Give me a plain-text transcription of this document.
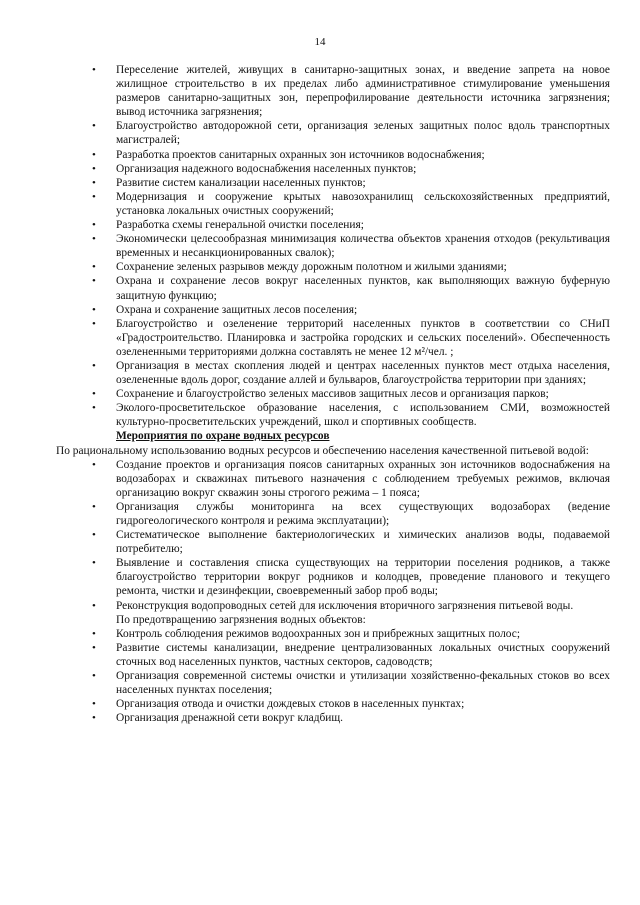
14
• Переселение жителей, живущих в санитарно-защитных зонах, и введение запрета на новое жилищное строительство в их пределах либо административное стимулирование уменьшения размеров санитарно-защитных зон, перепрофилирование деятельности источника загрязнения; вывод источника загрязнения;
• Благоустройство автодорожной сети, организация зеленых защитных полос вдоль транспортных магистралей;
• Разработка проектов санитарных охранных зон источников водоснабжения;
• Организация надежного водоснабжения населенных пунктов;
• Развитие систем канализации населенных пунктов;
• Модернизация и сооружение крытых навозохранилищ сельскохозяйственных предприятий, установка локальных очистных сооружений;
• Разработка схемы генеральной очистки поселения;
• Экономически целесообразная минимизация количества объектов хранения отходов (рекультивация временных и несанкционированных свалок);
• Сохранение зеленых разрывов между дорожным полотном и жилыми зданиями;
• Охрана и сохранение лесов вокруг населенных пунктов, как выполняющих важную буферную защитную функцию;
• Охрана и сохранение защитных лесов поселения;
• Благоустройство и озеленение территорий населенных пунктов в соответствии со СНиП «Градостроительство. Планировка и застройка городских и сельских поселений». Обеспеченность озелененными территориями должна составлять не менее 12 м²/чел. ;
• Организация в местах скопления людей и центрах населенных пунктов мест отдыха населения, озелененные вдоль дорог, создание аллей и бульваров, благоустройства территории при зданиях;
• Сохранение и благоустройство зеленых массивов защитных лесов и организация парков;
• Эколого-просветительское образование населения, с использованием СМИ, возможностей культурно-просветительских учреждений, школ и спортивных сообществ.

Мероприятия по охране водных ресурсов

По рациональному использованию водных ресурсов и обеспечению населения качественной питьевой водой:

• Создание проектов и организация поясов санитарных охранных зон источников водоснабжения на водозаборах и скважинах питьевого назначения с соблюдением требуемых режимов, включая организацию вокруг скважин зоны строгого режима – 1 пояса;
• Организация службы мониторинга на всех существующих водозаборах (ведение гидрогеологического контроля и режима эксплуатации);
• Систематическое выполнение бактериологических и химических анализов воды, подаваемой потребителю;
• Выявление и составления списка существующих на территории поселения родников, а также благоустройство территории вокруг родников и колодцев, проведение планового и текущего ремонта, чистки и дезинфекции, своевременный забор проб воды;
• Реконструкция водопроводных сетей для исключения вторичного загрязнения питьевой воды.

По предотвращению загрязнения водных объектов:

• Контроль соблюдения режимов водоохранных зон и прибрежных защитных полос;
• Развитие системы канализации, внедрение централизованных локальных очистных сооружений сточных вод населенных пунктов, частных секторов, садоводств;
• Организация современной системы очистки и утилизации хозяйственно-фекальных стоков во всех населенных пунктах поселения;
• Организация отвода и очистки дождевых стоков в населенных пунктах;
• Организация дренажной сети вокруг кладбищ.
